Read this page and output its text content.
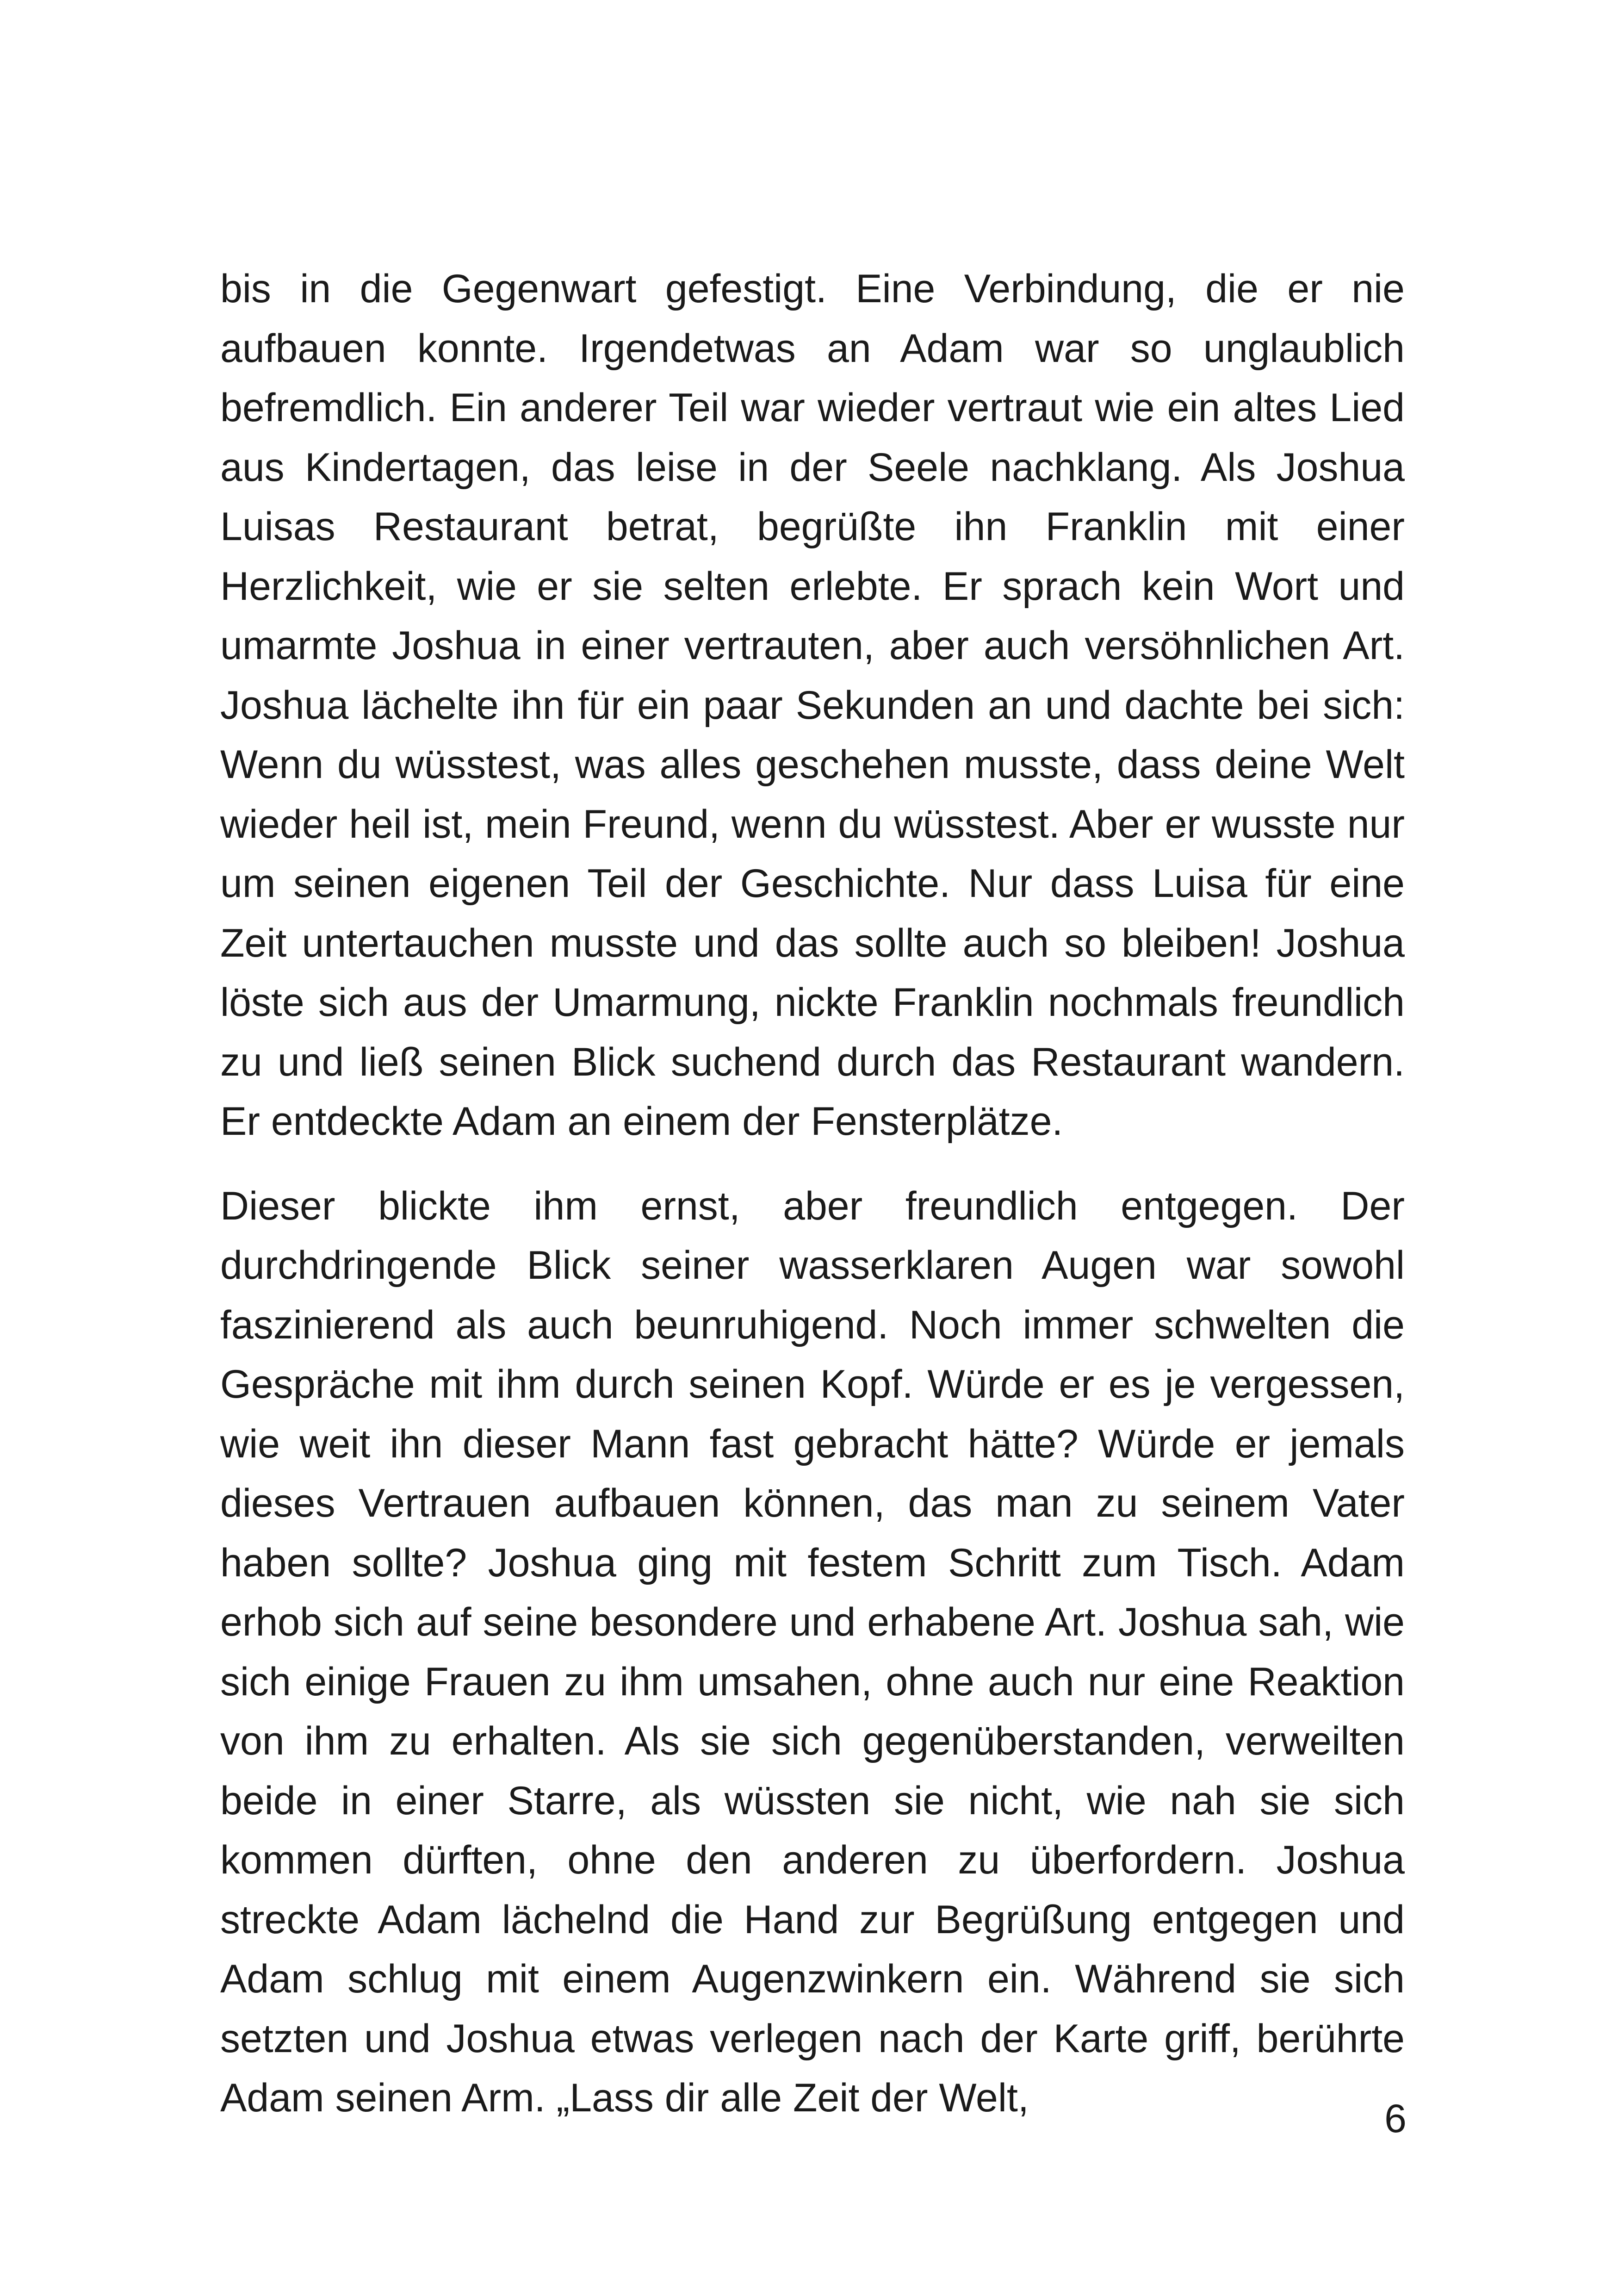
bis in die Gegenwart gefestigt. Eine Verbindung, die er nie aufbauen konnte. Irgendetwas an Adam war so unglaublich befremdlich. Ein anderer Teil war wieder vertraut wie ein altes Lied aus Kindertagen, das leise in der Seele nachklang. Als Joshua Luisas Restaurant betrat, begrüßte ihn Franklin mit einer Herzlichkeit, wie er sie selten erlebte. Er sprach kein Wort und umarmte Joshua in einer vertrauten, aber auch versöhnlichen Art. Joshua lächelte ihn für ein paar Sekunden an und dachte bei sich: Wenn du wüsstest, was alles geschehen musste, dass deine Welt wieder heil ist, mein Freund, wenn du wüsstest. Aber er wusste nur um seinen eigenen Teil der Geschichte. Nur dass Luisa für eine Zeit untertauchen musste und das sollte auch so bleiben! Joshua löste sich aus der Umarmung, nickte Franklin nochmals freundlich zu und ließ seinen Blick suchend durch das Restaurant wandern. Er entdeckte Adam an einem der Fensterplätze.

Dieser blickte ihm ernst, aber freundlich entgegen. Der durchdringende Blick seiner wasserklaren Augen war sowohl faszinierend als auch beunruhigend. Noch immer schwelten die Gespräche mit ihm durch seinen Kopf. Würde er es je vergessen, wie weit ihn dieser Mann fast gebracht hätte? Würde er jemals dieses Vertrauen aufbauen können, das man zu seinem Vater haben sollte? Joshua ging mit festem Schritt zum Tisch. Adam erhob sich auf seine besondere und erhabene Art. Joshua sah, wie sich einige Frauen zu ihm umsahen, ohne auch nur eine Reaktion von ihm zu erhalten. Als sie sich gegenüberstanden, verweilten beide in einer Starre, als wüssten sie nicht, wie nah sie sich kommen dürften, ohne den anderen zu überfordern. Joshua streckte Adam lächelnd die Hand zur Begrüßung entgegen und Adam schlug mit einem Augenzwinkern ein. Während sie sich setzten und Joshua etwas verlegen nach der Karte griff, berührte Adam seinen Arm. „Lass dir alle Zeit der Welt,	6
